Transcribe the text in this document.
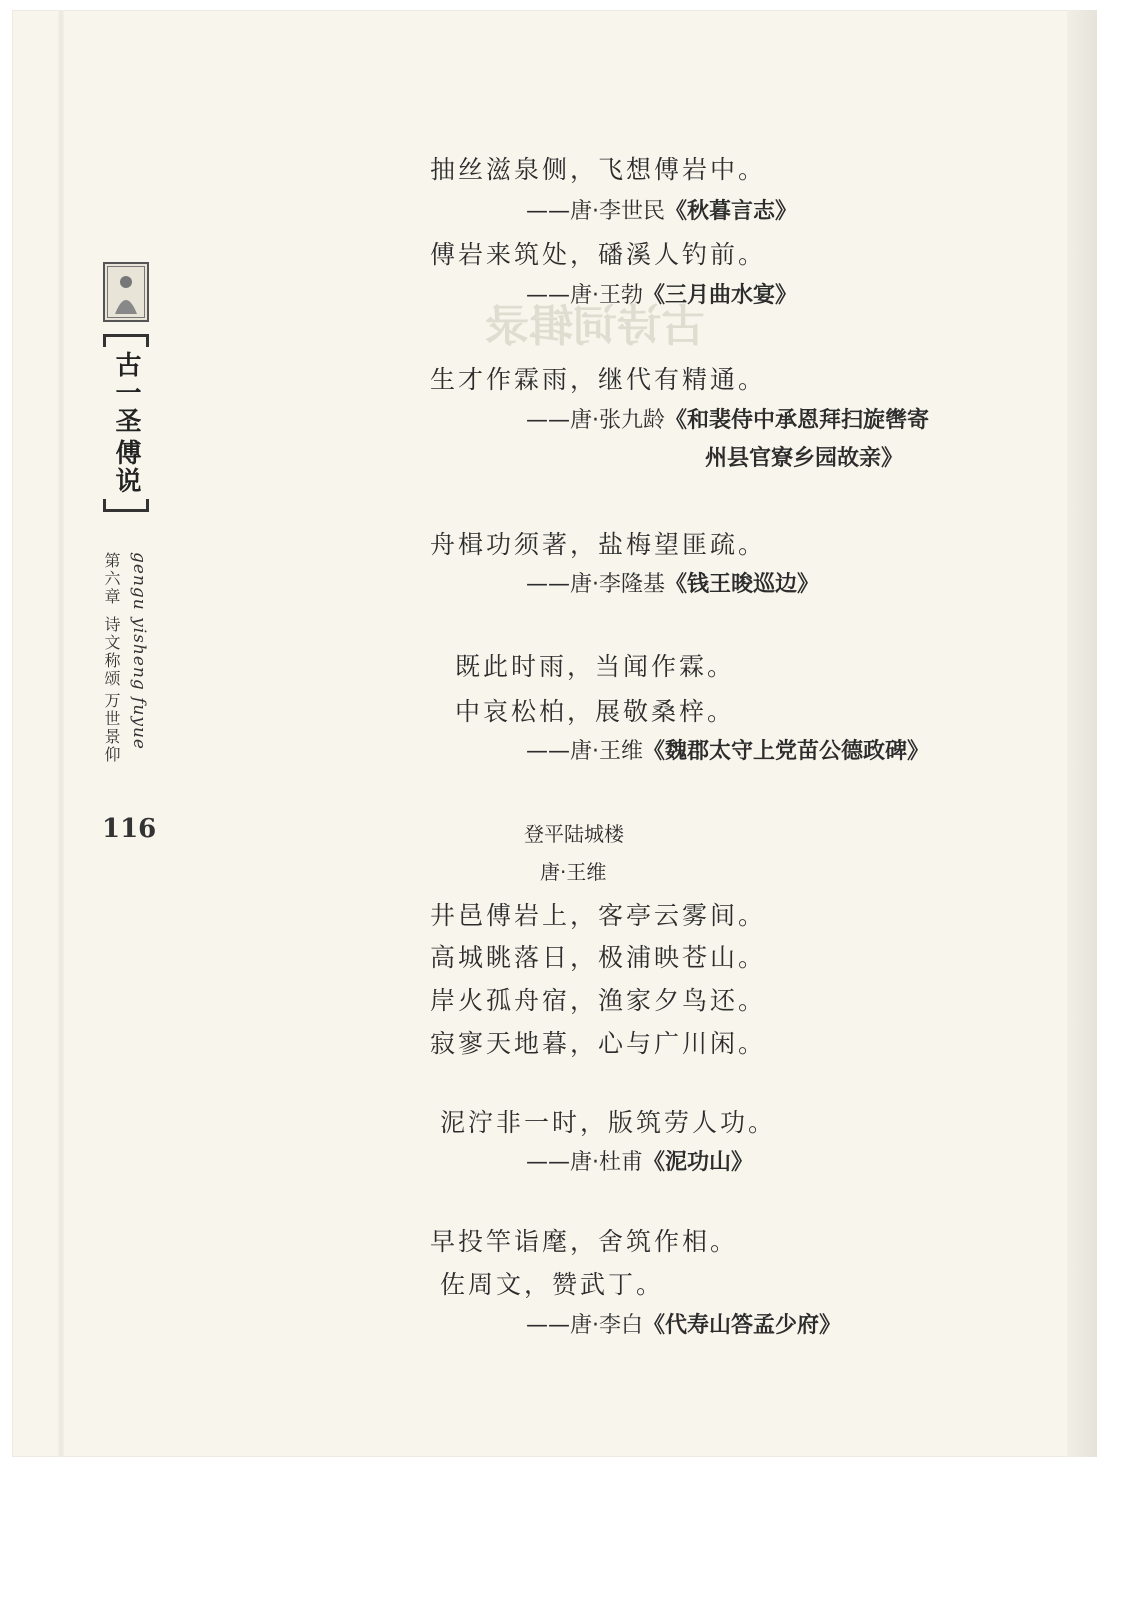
古诗词辑录
古一圣
傅说
第六章
诗文称颂
万世景仰 gengu yisheng fuyue
116
抽丝滋泉侧，飞想傅岩中。
——唐·李世民《秋暮言志》
傅岩来筑处，磻溪人钓前。
——唐·王勃《三月曲水宴》
生才作霖雨，继代有精通。
——唐·张九龄《和裴侍中承恩拜扫旋辔寄
州县官寮乡园故亲》
舟楫功须著，盐梅望匪疏。
——唐·李隆基《钱王晙巡边》
既此时雨，当闻作霖。
中哀松柏，展敬桑梓。
——唐·王维《魏郡太守上党苗公德政碑》
登平陆城楼
唐·王维
井邑傅岩上，客亭云雾间。
高城眺落日，极浦映苍山。
岸火孤舟宿，渔家夕鸟还。
寂寥天地暮，心与广川闲。
泥泞非一时，版筑劳人功。
——唐·杜甫《泥功山》
早投竿诣麾，舍筑作相。
佐周文，赞武丁。
——唐·李白《代寿山答孟少府》
